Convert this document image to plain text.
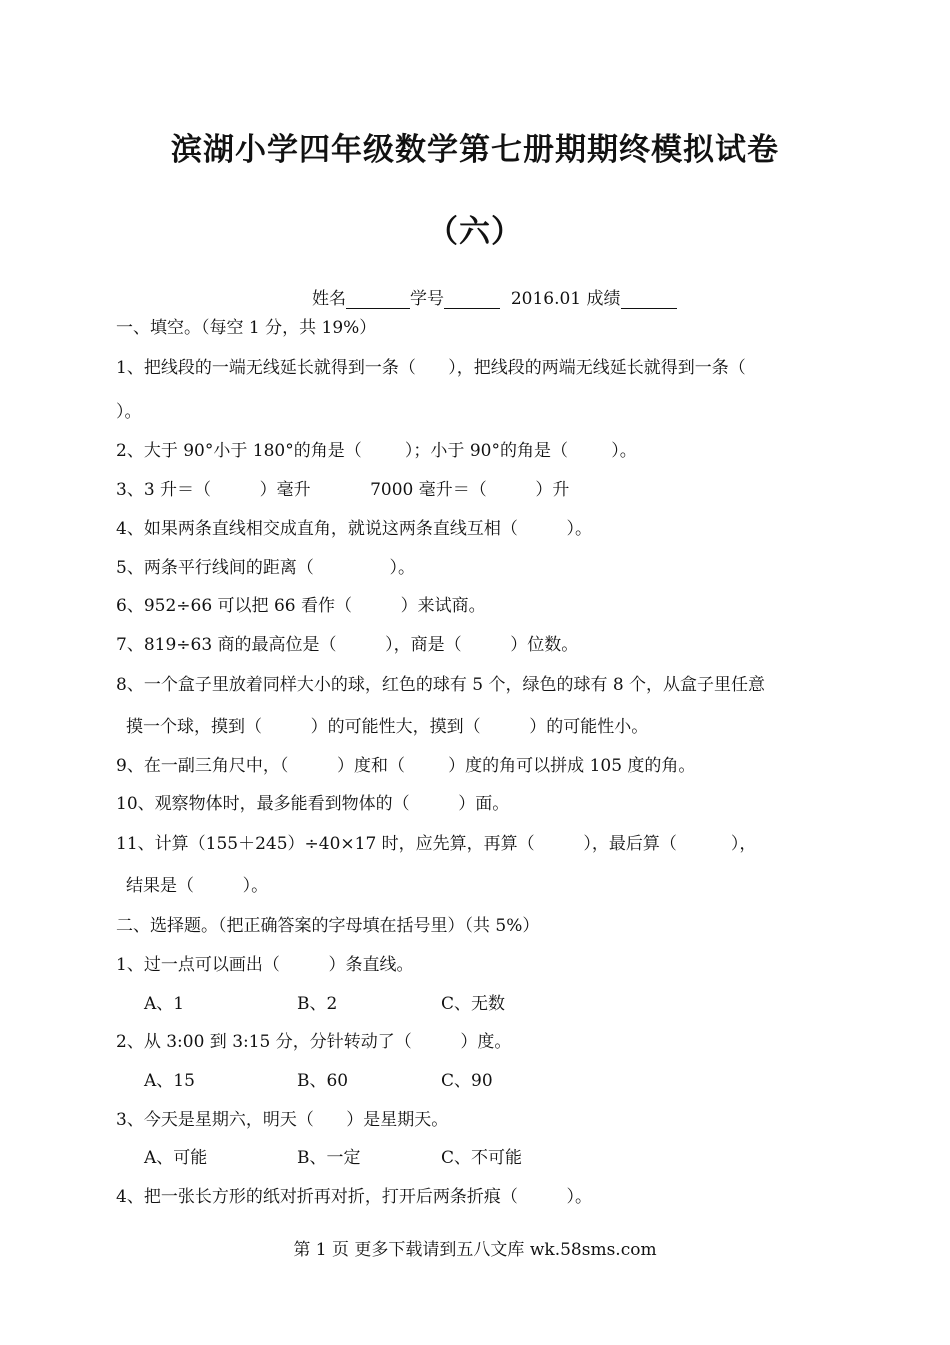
滨湖小学四年级数学第七册期期终模拟试卷
（六）
姓名	学号	2016.01 成绩
一、填空。（每空 1 分，共 19%）
1、把线段的一端无线延长就得到一条（      ），把线段的两端无线延长就得到一条（
）。
2、大于 90°小于 180°的角是（        ）；小于 90°的角是（        ）。
3、3 升＝（         ）毫升           7000 毫升＝（         ）升
4、如果两条直线相交成直角，就说这两条直线互相（         ）。
5、两条平行线间的距离（              ）。
6、952÷66 可以把 66 看作（         ）来试商。
7、819÷63 商的最高位是（         ），商是（         ）位数。
8、一个盒子里放着同样大小的球，红色的球有 5 个，绿色的球有 8 个，从盒子里任意
摸一个球，摸到（         ）的可能性大，摸到（         ）的可能性小。
9、在一副三角尺中，（         ）度和（        ）度的角可以拼成 105 度的角。
10、观察物体时，最多能看到物体的（         ）面。
11、计算（155＋245）÷40×17 时，应先算，再算（         ），最后算（          ），
结果是（         ）。
二、选择题。（把正确答案的字母填在括号里）（共 5%）
1、过一点可以画出（         ）条直线。
A、1	B、2	C、无数
2、从 3:00 到 3:15 分，分针转动了（         ）度。
A、15	B、60	C、90
3、今天是星期六，明天（      ）是星期天。
A、可能	B、一定	C、不可能
4、把一张长方形的纸对折再对折，打开后两条折痕（         ）。
第 1 页 更多下载请到五八文库 wk.58sms.com
